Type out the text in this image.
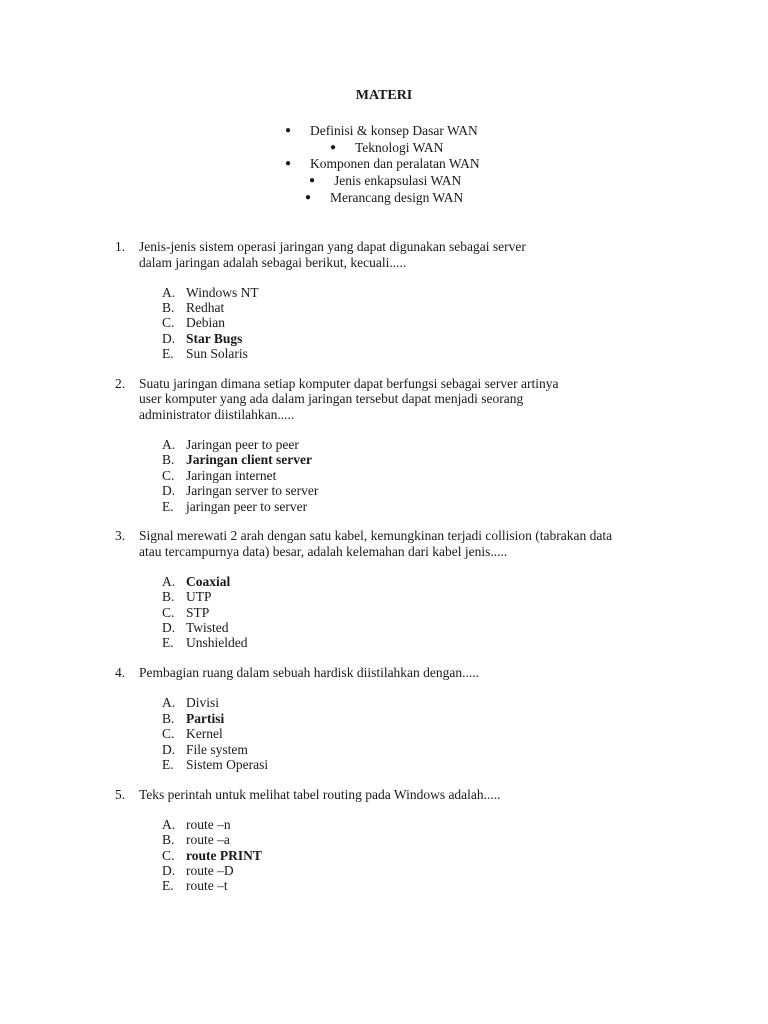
MATERI
● Definisi & konsep Dasar WAN
● Teknologi WAN
● Komponen dan peralatan WAN
● Jenis enkapsulasi WAN
● Merancang design WAN
1. Jenis-jenis sistem operasi jaringan yang dapat digunakan sebagai server
dalam jaringan adalah sebagai berikut, kecuali.....
A. Windows NT
B. Redhat
C. Debian
D. Star Bugs
E. Sun Solaris
2. Suatu jaringan dimana setiap komputer dapat berfungsi sebagai server artinya
user komputer yang ada dalam jaringan tersebut dapat menjadi seorang
administrator diistilahkan.....
A. Jaringan peer to peer
B. Jaringan client server
C. Jaringan internet
D. Jaringan server to server
E. jaringan peer to server
3. Signal merewati 2 arah dengan satu kabel, kemungkinan terjadi collision (tabrakan data
atau tercampurnya data) besar, adalah kelemahan dari kabel jenis.....
A. Coaxial
B. UTP
C. STP
D. Twisted
E. Unshielded
4. Pembagian ruang dalam sebuah hardisk diistilahkan dengan.....
A. Divisi
B. Partisi
C. Kernel
D. File system
E. Sistem Operasi
5. Teks perintah untuk melihat tabel routing pada Windows adalah.....
A. route –n
B. route –a
C. route PRINT
D. route –D
E. route –t
